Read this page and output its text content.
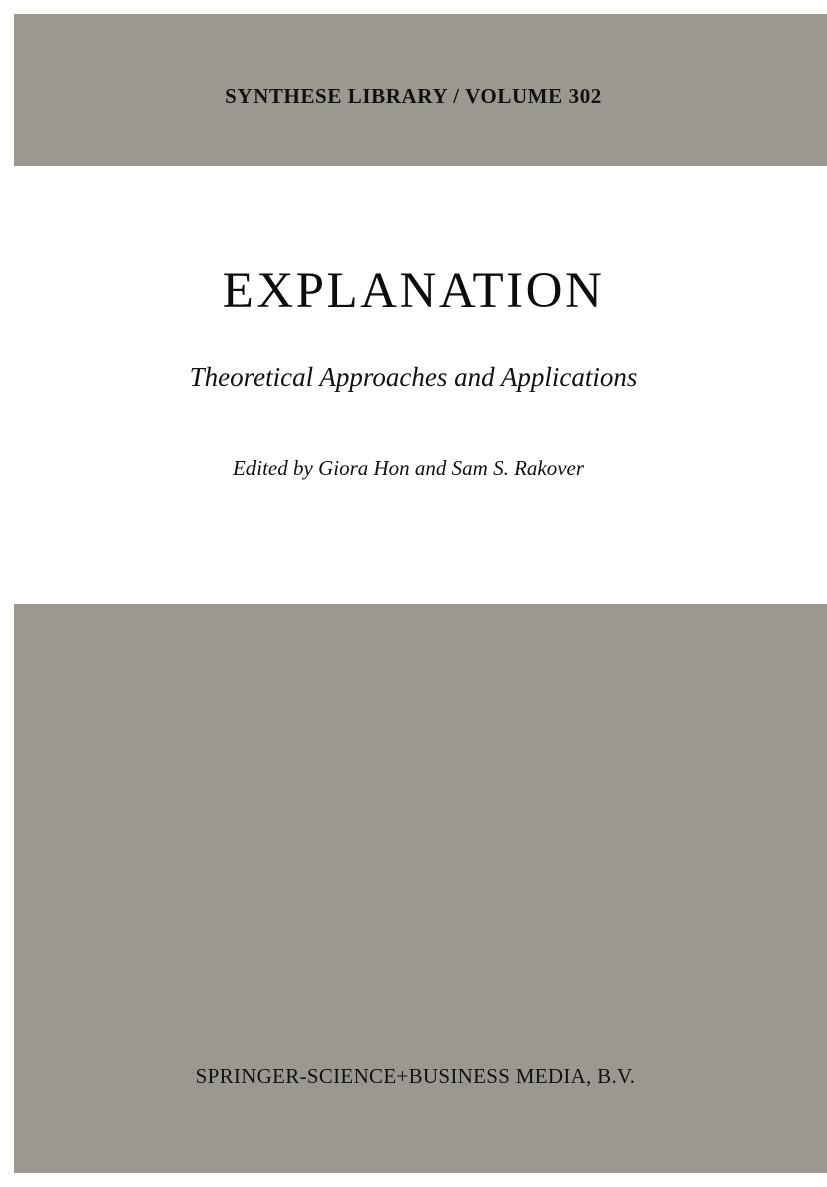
SYNTHESE LIBRARY / VOLUME 302
EXPLANATION
Theoretical Approaches and Applications
Edited by Giora Hon and Sam S. Rakover
SPRINGER-SCIENCE+BUSINESS MEDIA, B.V.
